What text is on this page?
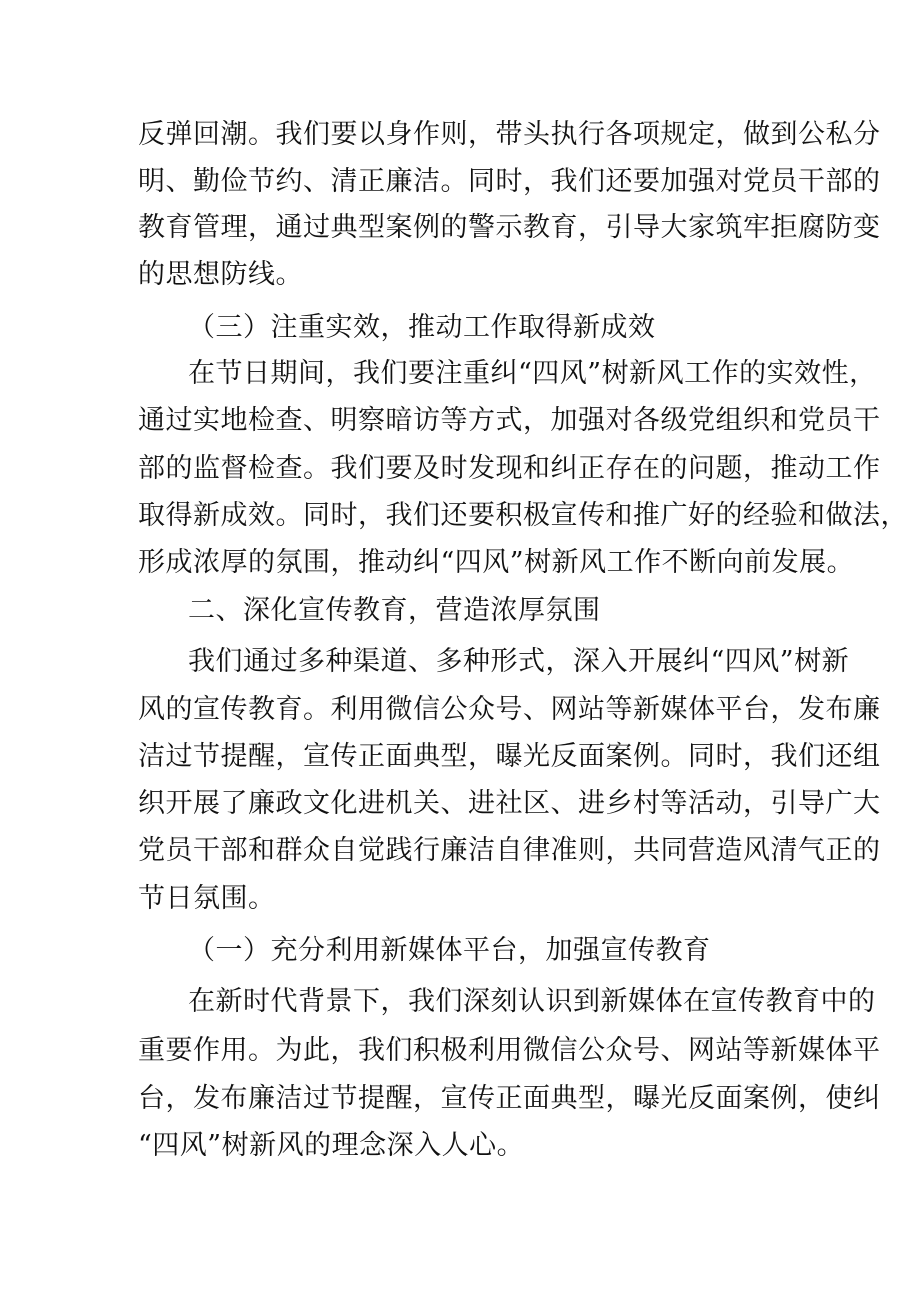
反弹回潮。我们要以身作则，带头执行各项规定，做到公私分
明、勤俭节约、清正廉洁。同时，我们还要加强对党员干部的
教育管理，通过典型案例的警示教育，引导大家筑牢拒腐防变
的思想防线。
（三）注重实效，推动工作取得新成效
在节日期间，我们要注重纠“四风”树新风工作的实效性，
通过实地检查、明察暗访等方式，加强对各级党组织和党员干
部的监督检查。我们要及时发现和纠正存在的问题，推动工作
取得新成效。同时，我们还要积极宣传和推广好的经验和做法，
形成浓厚的氛围，推动纠“四风”树新风工作不断向前发展。
二、深化宣传教育，营造浓厚氛围
我们通过多种渠道、多种形式，深入开展纠“四风”树新
风的宣传教育。利用微信公众号、网站等新媒体平台，发布廉
洁过节提醒，宣传正面典型，曝光反面案例。同时，我们还组
织开展了廉政文化进机关、进社区、进乡村等活动，引导广大
党员干部和群众自觉践行廉洁自律准则，共同营造风清气正的
节日氛围。
（一）充分利用新媒体平台，加强宣传教育
在新时代背景下，我们深刻认识到新媒体在宣传教育中的
重要作用。为此，我们积极利用微信公众号、网站等新媒体平
台，发布廉洁过节提醒，宣传正面典型，曝光反面案例，使纠
“四风”树新风的理念深入人心。
